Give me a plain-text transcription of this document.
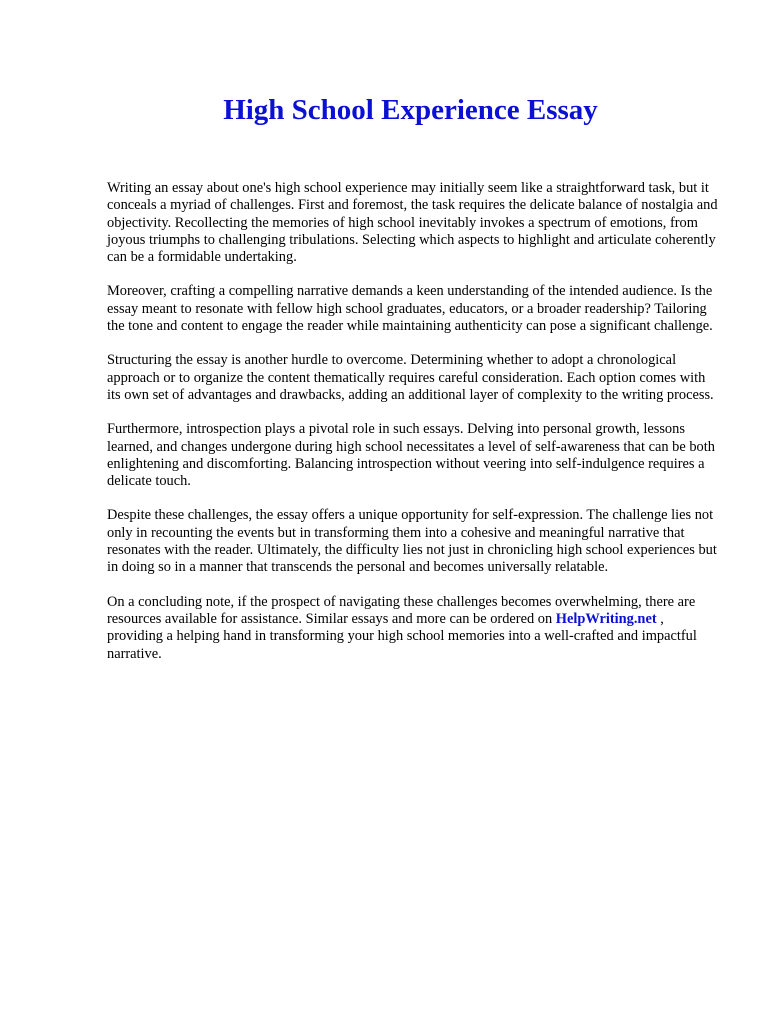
High School Experience Essay

Writing an essay about one's high school experience may initially seem like a straightforward task, but it conceals a myriad of challenges. First and foremost, the task requires the delicate balance of nostalgia and objectivity. Recollecting the memories of high school inevitably invokes a spectrum of emotions, from joyous triumphs to challenging tribulations. Selecting which aspects to highlight and articulate coherently can be a formidable undertaking.

Moreover, crafting a compelling narrative demands a keen understanding of the intended audience. Is the essay meant to resonate with fellow high school graduates, educators, or a broader readership? Tailoring the tone and content to engage the reader while maintaining authenticity can pose a significant challenge.

Structuring the essay is another hurdle to overcome. Determining whether to adopt a chronological approach or to organize the content thematically requires careful consideration. Each option comes with its own set of advantages and drawbacks, adding an additional layer of complexity to the writing process.

Furthermore, introspection plays a pivotal role in such essays. Delving into personal growth, lessons learned, and changes undergone during high school necessitates a level of self-awareness that can be both enlightening and discomforting. Balancing introspection without veering into self-indulgence requires a delicate touch.

Despite these challenges, the essay offers a unique opportunity for self-expression. The challenge lies not only in recounting the events but in transforming them into a cohesive and meaningful narrative that resonates with the reader. Ultimately, the difficulty lies not just in chronicling high school experiences but in doing so in a manner that transcends the personal and becomes universally relatable.

On a concluding note, if the prospect of navigating these challenges becomes overwhelming, there are resources available for assistance. Similar essays and more can be ordered on HelpWriting.net , providing a helping hand in transforming your high school memories into a well-crafted and impactful narrative.
